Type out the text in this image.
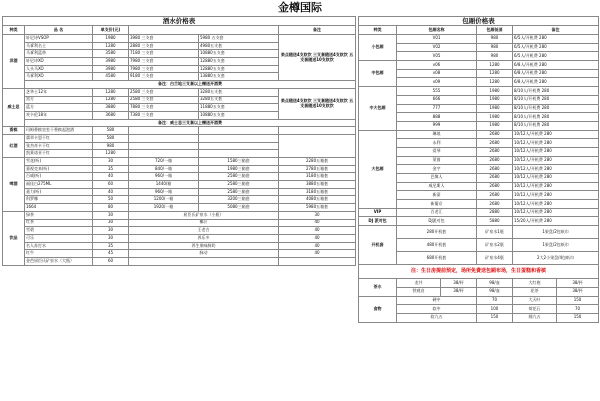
金樽国际
酒水价格表						
种类	品 名	单支价(元)			备注	
洋酒	轩尼诗VSOP	1980	3980 三支套	5980 五支套	果点随送4支软饮 三支套随送4支软饮 五支套随送10支软饮	
	马爹利名士	1280	2880 三支套	4980五支套		
	马爹利蓝带	3580	7180 三支套	10880五支套		
	轩尼诗XO	3980	7980 三支套	12880五支套		
	人头马XO	3980	7980 三支套	12880五支套		
	马爹利XO	4580	9180 三支套	13880五支套		
	备注：白兰地三支套以上赠送开酒费					
威士忌	芝华士12年	1280	2580 三支套	3280五支套	果点随送4支软饮 三支套随送4支软饮 五支套随送10支软饮	
	黑方	1280	2580 三支套	3280五支套		
	蓝方	3880	7880 三支套	11880五支套		
	麦卡伦18年	3680	7380 三支套	10880五支套		
	备注：威士忌三支套以上赠送开酒费					
香槟	玛姆香槟皇室干香槟起泡酒	580				
红酒	翡翠卡恩干红	580				
	张杰奇卡干红	980				
	凯莱诺亚干红	1280				
啤酒	雪花(听)	30	720/一箱	1580三箱套	2280五箱套	
	嘉视克来(听)	35	840/一箱	1980三箱套	2780五箱套	
	百威(听)	40	960/一箱	2580三箱套	3180五箱套	
	福佳白275ML	60	1440/箱	2580三箱套	3880五箱套	
	嘉力(听)	40	960/一箱	2580三箱套	3180五箱套	
	科罗娜	50	1200/一箱	3200三箱套	4080五箱套	
	1664	80	1920/一箱	5080三箱套	5980五箱套	
饮品	绿茶	30	屈臣氏矿泉水（小瓶）		30	
	红茶	30	椰汁		40	
	雪碧	30	王老吉		40	
	可乐	30	养乐多		40	
	名人苏打水	35	养生果味鲜奶		40	
	红牛	45	脉动		40	
	金芭屈臣氏矿泉水（大瓶）	60				
包厢价格表					
种类	包厢名称		包厢低消	备注	
小包厢	V01		980	6/5人/开机费 280	
	V02		980	6/5人/开机费 280	
	V05		980	6/5人/开机费 280	
中包厢	v06		1280	6/8人/开机费 280	
	v08		1280	6/8人/开机费 280	
	v09		1280	6/8人/开机费 280	
中大包厢	555		1980	8/10人/开机费 280	
	666		1980	8/10人/开机费 280	
	777		1980	8/10人/开机费 280	
	888		1980	8/10人/开机费 280	
	999		1980	8/10人/开机费 280	
大包厢	琳琅		2680	10/12人/开机费 280	
	永利		2680	10/12人/开机费 280	
	爱琴		2680	10/12人/开机费 280	
	莱茵		2680	10/12人/开机费 280	
	金字		2680	10/12人/开机费 280	
	巴黎人		2680	10/12人/开机费 280	
	威尼斯人		2680	10/12人/开机费 280	
	新濠		2680	10/12人/开机费 280	
	新葡京		2680	10/12人/开机费 280	
VIP	百老汇		2880	10/12人/开机费 280	
DJ 派对包	DJ派对包		5880	15/20人/开机费 280	
开机套	280开机套		矿泉水1瓶	1果盘/2包纸巾	
	480开机套		矿泉水2瓶	1果盘/2包纸巾	
	680开机套		矿泉水4瓶	2大2小果盘/4包纸巾	
注：生日房提前预定，场所免费送包厢布场，生日蛋糕和香槟					
茶水	龙井	38/杯	98/壶	大红袍	38/杯
	铁观音	38/杯	98/壶	花茶	38/杯
食物	硬中		70	大天叶	150
	软中		100	荷花石	70
	软九五		150	细九五	150
